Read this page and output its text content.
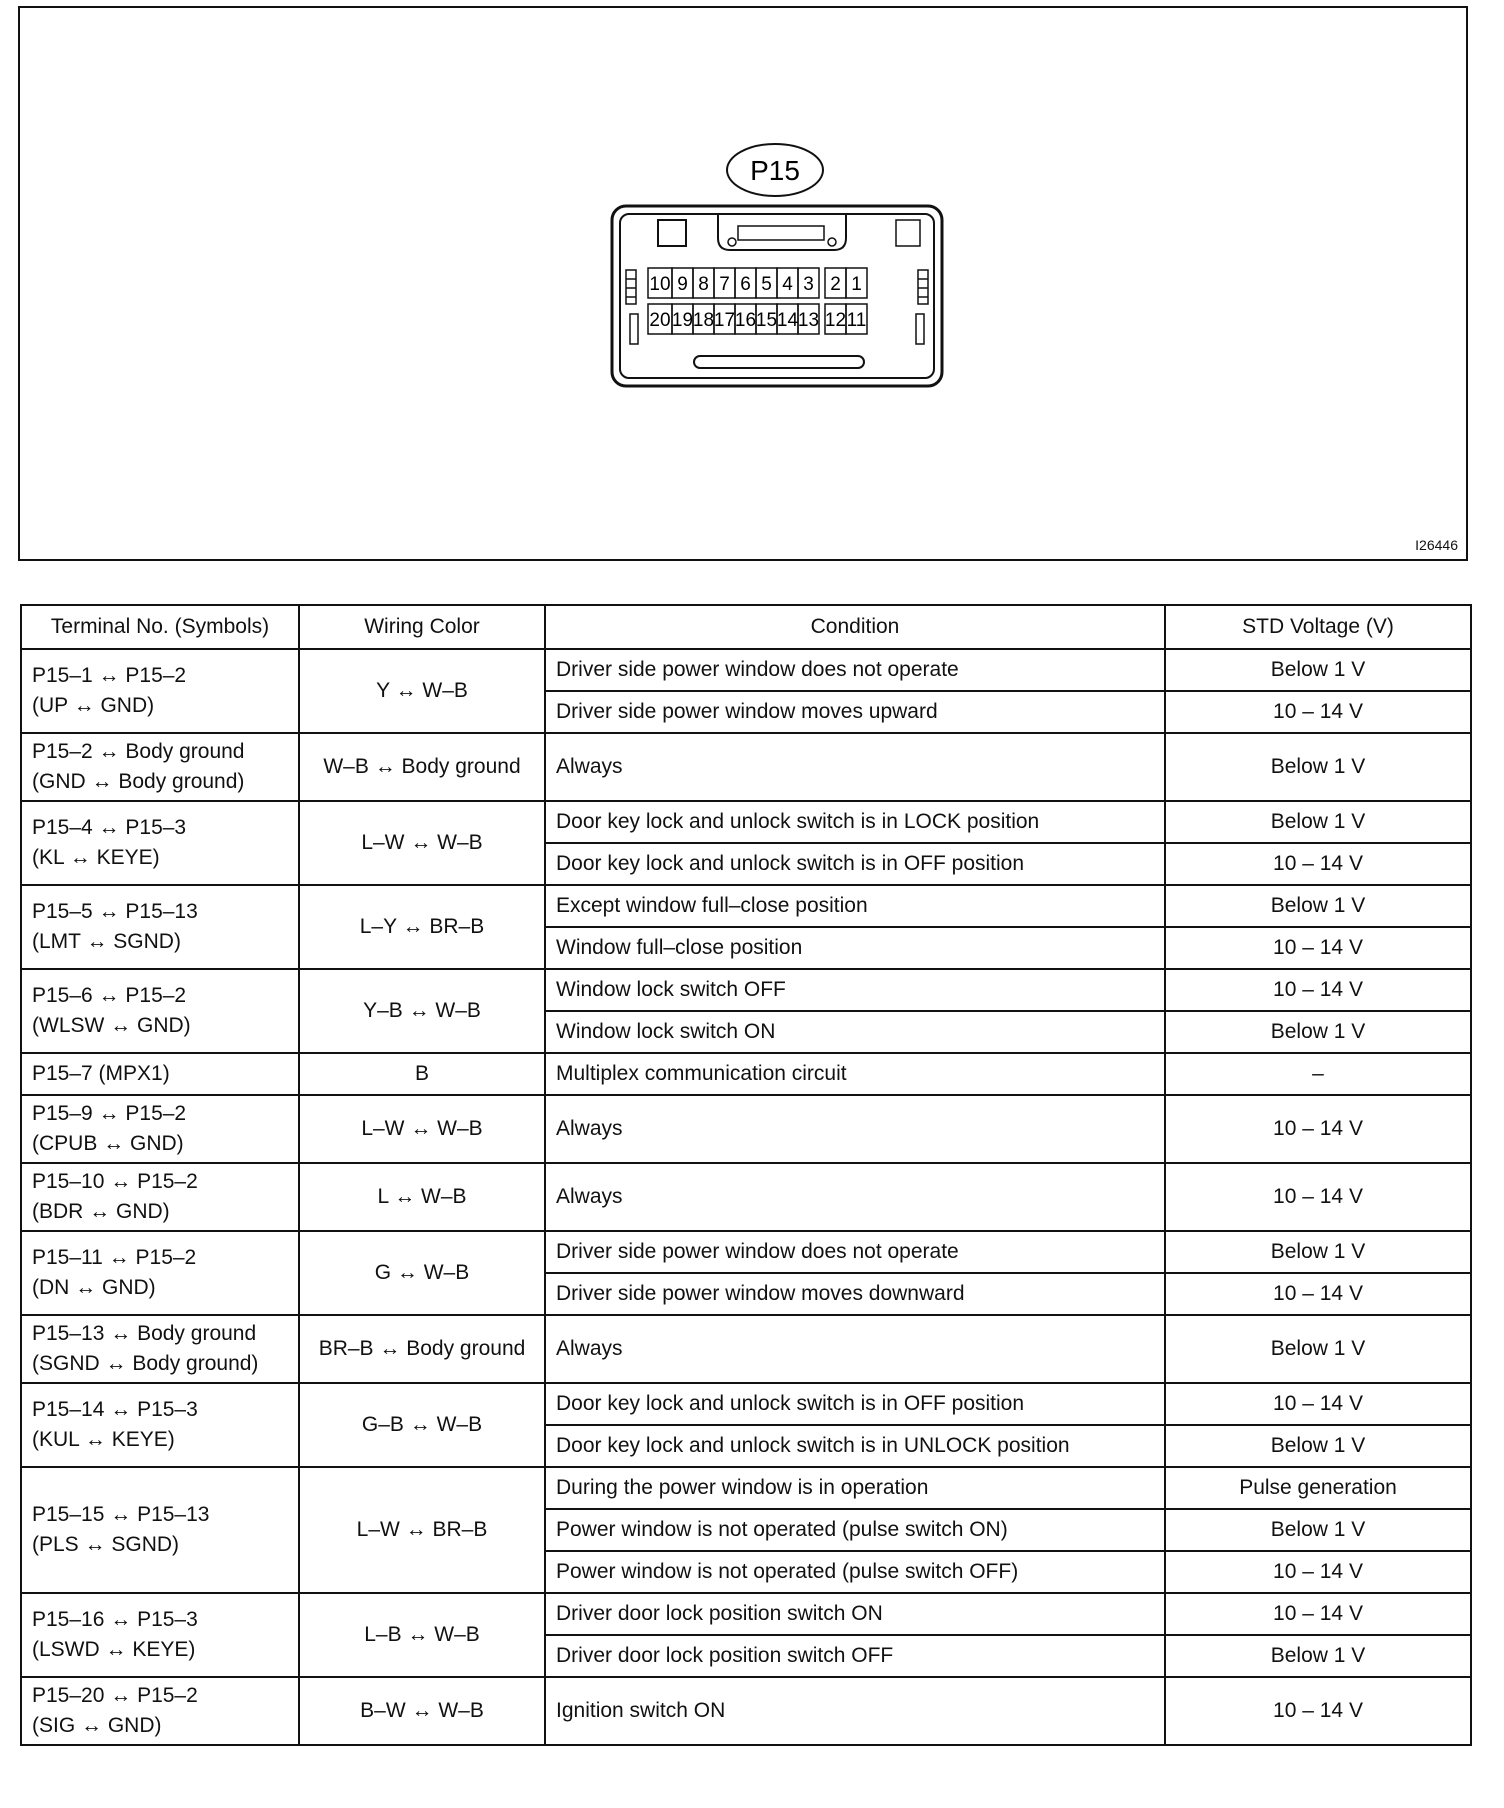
P15
10 9 8 7 6 5 4 3 2 1
20 19 18 17 16 15 14 13 12 11
I26446
Terminal No. (Symbols)	Wiring Color	Condition	STD Voltage (V)

P15–1 ↔ P15–2
(UP ↔ GND)	Y ↔ W–B	Driver side power window does not operate	Below 1 V
		Driver side power window moves upward	10 – 14 V

P15–2 ↔ Body ground
(GND ↔ Body ground)	W–B ↔ Body ground	Always	Below 1 V

P15–4 ↔ P15–3
(KL ↔ KEYE)	L–W ↔ W–B	Door key lock and unlock switch is in LOCK position	Below 1 V
		Door key lock and unlock switch is in OFF position	10 – 14 V

P15–5 ↔ P15–13
(LMT ↔ SGND)	L–Y ↔ BR–B	Except window full–close position	Below 1 V
		Window full–close position	10 – 14 V

P15–6 ↔ P15–2
(WLSW ↔ GND)	Y–B ↔ W–B	Window lock switch OFF	10 – 14 V
		Window lock switch ON	Below 1 V

P15–7 (MPX1)	B	Multiplex communication circuit	–

P15–9 ↔ P15–2
(CPUB ↔ GND)	L–W ↔ W–B	Always	10 – 14 V

P15–10 ↔ P15–2
(BDR ↔ GND)	L ↔ W–B	Always	10 – 14 V

P15–11 ↔ P15–2
(DN ↔ GND)	G ↔ W–B	Driver side power window does not operate	Below 1 V
		Driver side power window moves downward	10 – 14 V

P15–13 ↔ Body ground
(SGND ↔ Body ground)	BR–B ↔ Body ground	Always	Below 1 V

P15–14 ↔ P15–3
(KUL ↔ KEYE)	G–B ↔ W–B	Door key lock and unlock switch is in OFF position	10 – 14 V
		Door key lock and unlock switch is in UNLOCK position	Below 1 V

P15–15 ↔ P15–13
(PLS ↔ SGND)	L–W ↔ BR–B	During the power window is in operation	Pulse generation
		Power window is not operated (pulse switch ON)	Below 1 V
		Power window is not operated (pulse switch OFF)	10 – 14 V

P15–16 ↔ P15–3
(LSWD ↔ KEYE)	L–B ↔ W–B	Driver door lock position switch ON	10 – 14 V
		Driver door lock position switch OFF	Below 1 V

P15–20 ↔ P15–2
(SIG ↔ GND)	B–W ↔ W–B	Ignition switch ON	10 – 14 V
